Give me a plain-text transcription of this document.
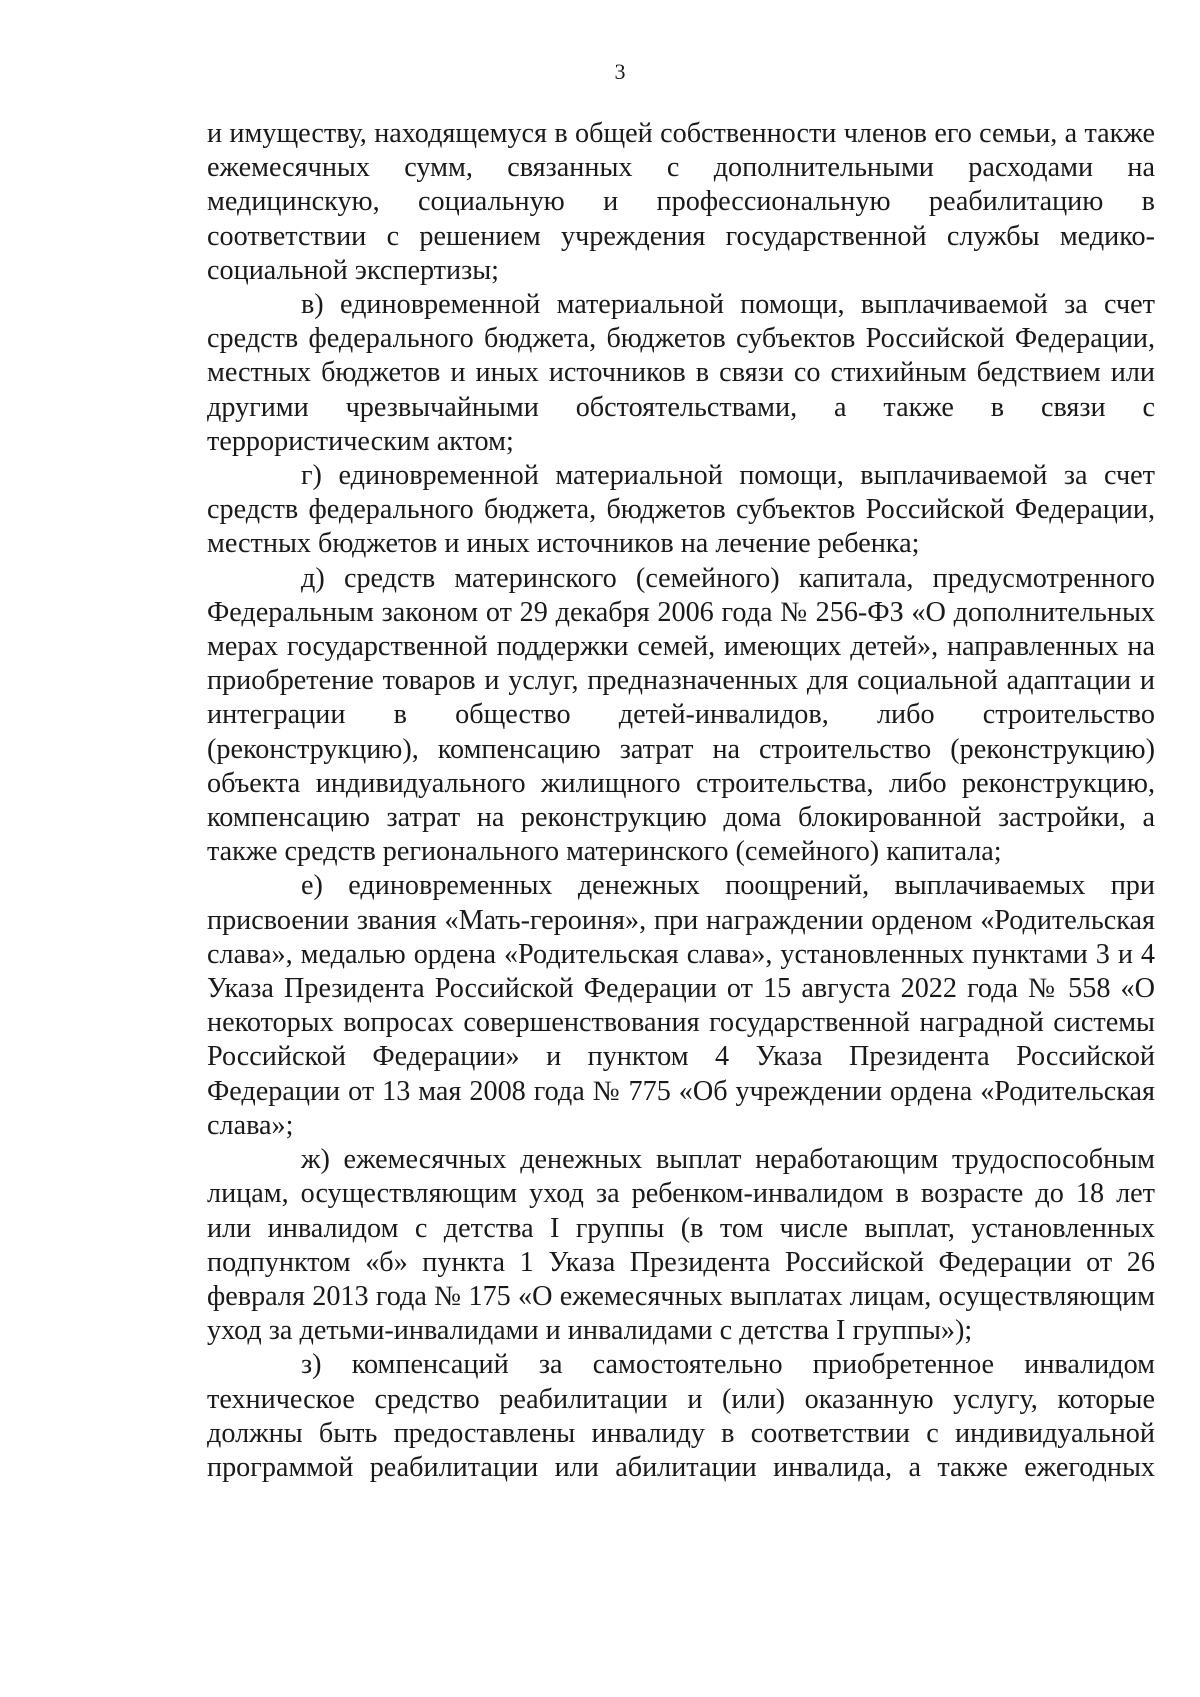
3

и имуществу, находящемуся в общей собственности членов его семьи, а также ежемесячных сумм, связанных с дополнительными расходами на медицинскую, социальную и профессиональную реабилитацию в соответствии с решением учреждения государственной службы медико-социальной экспертизы;

в) единовременной материальной помощи, выплачиваемой за счет средств федерального бюджета, бюджетов субъектов Российской Федерации, местных бюджетов и иных источников в связи со стихийным бедствием или другими чрезвычайными обстоятельствами, а также в связи с террористическим актом;

г) единовременной материальной помощи, выплачиваемой за счет средств федерального бюджета, бюджетов субъектов Российской Федерации, местных бюджетов и иных источников на лечение ребенка;

д) средств материнского (семейного) капитала, предусмотренного Федеральным законом от 29 декабря 2006 года № 256-ФЗ «О дополнительных мерах государственной поддержки семей, имеющих детей», направленных на приобретение товаров и услуг, предназначенных для социальной адаптации и интеграции в общество детей-инвалидов, либо строительство (реконструкцию), компенсацию затрат на строительство (реконструкцию) объекта индивидуального жилищного строительства, либо реконструкцию, компенсацию затрат на реконструкцию дома блокированной застройки, а также средств регионального материнского (семейного) капитала;

е) единовременных денежных поощрений, выплачиваемых при присвоении звания «Мать-героиня», при награждении орденом «Родительская слава», медалью ордена «Родительская слава», установленных пунктами 3 и 4 Указа Президента Российской Федерации от 15 августа 2022 года № 558 «О некоторых вопросах совершенствования государственной наградной системы Российской Федерации» и пунктом 4 Указа Президента Российской Федерации от 13 мая 2008 года № 775 «Об учреждении ордена «Родительская слава»;

ж) ежемесячных денежных выплат неработающим трудоспособным лицам, осуществляющим уход за ребенком-инвалидом в возрасте до 18 лет или инвалидом с детства I группы (в том числе выплат, установленных подпунктом «б» пункта 1 Указа Президента Российской Федерации от 26 февраля 2013 года № 175 «О ежемесячных выплатах лицам, осуществляющим уход за детьми-инвалидами и инвалидами с детства I группы»);

з) компенсаций за самостоятельно приобретенное инвалидом техническое средство реабилитации и (или) оказанную услугу, которые должны быть предоставлены инвалиду в соответствии с индивидуальной программой реабилитации или абилитации инвалида, а также ежегодных
